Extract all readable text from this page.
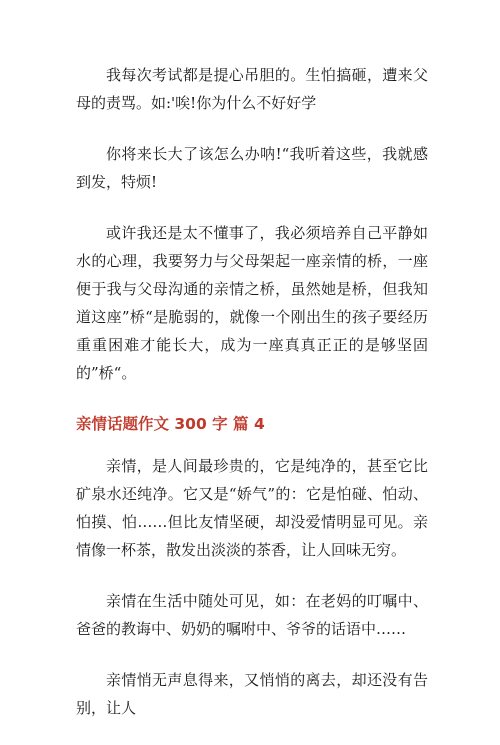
我每次考试都是提心吊胆的。生怕搞砸，遭来父母的责骂。如:'唉!你为什么不好好学

你将来长大了该怎么办呐!“我听着这些，我就感到发，特烦!

或许我还是太不懂事了，我必须培养自己平静如水的心理，我要努力与父母架起一座亲情的桥，一座便于我与父母沟通的亲情之桥，虽然她是桥，但我知道这座”桥“是脆弱的，就像一个刚出生的孩子要经历重重困难才能长大，成为一座真真正正的是够坚固的”桥“。

亲情话题作文 300 字 篇 4

亲情，是人间最珍贵的，它是纯净的，甚至它比矿泉水还纯净。它又是“娇气”的：它是怕碰、怕动、怕摸、怕……但比友情坚硬，却没爱情明显可见。亲情像一杯茶，散发出淡淡的茶香，让人回味无穷。

亲情在生活中随处可见，如：在老妈的叮嘱中、爸爸的教诲中、奶奶的嘱咐中、爷爷的话语中……

亲情悄无声息得来，又悄悄的离去，却还没有告别，让人
